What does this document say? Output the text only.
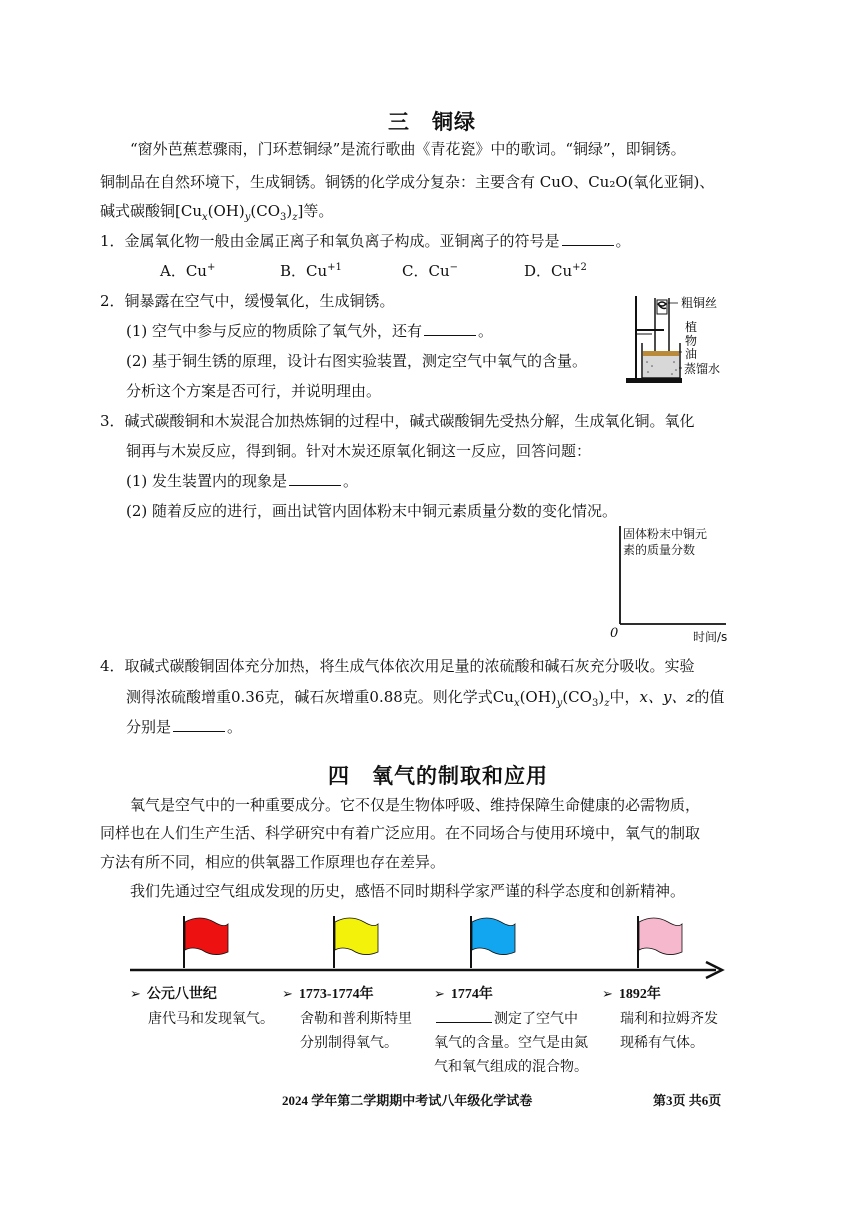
三　铜绿
“窗外芭蕉惹骤雨，门环惹铜绿”是流行歌曲《青花瓷》中的歌词。“铜绿”，即铜锈。
铜制品在自然环境下，生成铜锈。铜锈的化学成分复杂：主要含有 CuO、Cu₂O(氧化亚铜)、
碱式碳酸铜$[Cu_x(OH)_y(CO_3)_z]$等。
1．金属氧化物一般由金属正离子和氧负离子构成。亚铜离子的符号是	。
A．Cu+	B．$Cu^{+1}$	C．Cu−	D．$Cu^{+2}$
2．铜暴露在空气中，缓慢氧化，生成铜锈。
(1) 空气中参与反应的物质除了氧气外，还有	。
(2) 基于铜生锈的原理，设计右图实验装置，测定空气中氧气的含量。
分析这个方案是否可行，并说明理由。
粗铜丝
植
物
油
蒸馏水
3．碱式碳酸铜和木炭混合加热炼铜的过程中，碱式碳酸铜先受热分解，生成氧化铜。氧化
铜再与木炭反应，得到铜。针对木炭还原氧化铜这一反应，回答问题：
(1) 发生装置内的现象是	。
(2) 随着反应的进行，画出试管内固体粉末中铜元素质量分数的变化情况。
固体粉末中铜元
素的质量分数
0	时间/s
4．取碱式碳酸铜固体充分加热，将生成气体依次用足量的浓硫酸和碱石灰充分吸收。实验
测得浓硫酸增重0.36克，碱石灰增重0.88克。则化学式$Cu_x(OH)_y(CO_3)_z$中，x、y、z的值
分别是	。
四　氧气的制取和应用
氧气是空气中的一种重要成分。它不仅是生物体呼吸、维持保障生命健康的必需物质，
同样也在人们生产生活、科学研究中有着广泛应用。在不同场合与使用环境中，氧气的制取
方法有所不同，相应的供氧器工作原理也存在差异。
我们先通过空气组成发现的历史，感悟不同时期科学家严谨的科学态度和创新精神。
➢ 公元八世纪
唐代马和发现氧气。
➢ 1773-1774年
舍勒和普利斯特里
分别制得氧气。
➢ 1774年
测定了空气中
氧气的含量。空气是由氮
气和氧气组成的混合物。
➢ 1892年
瑞利和拉姆齐发
现稀有气体。
2024 学年第二学期期中考试八年级化学试卷	第3页 共6页
